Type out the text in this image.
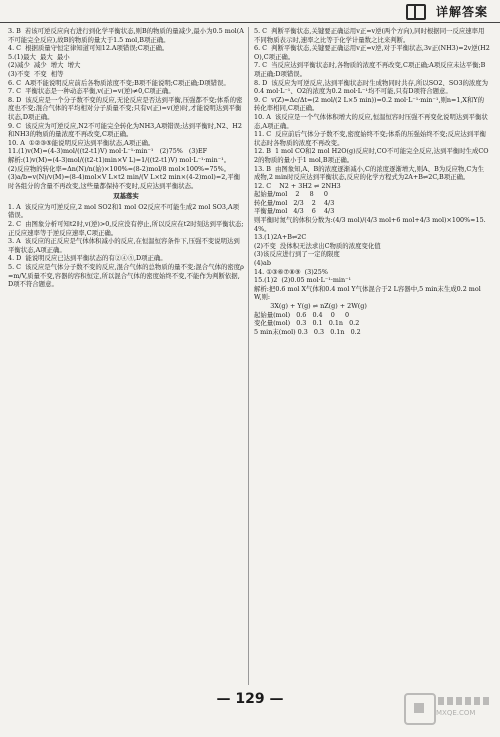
详解答案

3. B  若该可逆反应向右进行到化学平衡状态,则B的物质的量减少,最小为0.5 mol(A不可能完全反应),故B的物质的量大于1.5 mol,B项正确。

4. C  根据质量守恒定律知道可知12.A项错误;C项正确。

5.(1)最大  最大  最小

(2)减少  减少  增大  增大

(3)不变  不变  相等

6. C  A项不能说明反应前后各物质浓度不变;B项不能说明;C项正确;D项错误。

7. C  平衡状态是一种动态平衡,v(正)=v(逆)≠0,C项正确。

8. D  该反应是一个分子数不变的反应,无论反应是否达到平衡,压强都不变;体系的密度也不变;混合气体的平均相对分子质量不变;只有v(正)=v(逆)时,才能说明达到平衡状态,D项正确。

9. C  该反应为可逆反应,N2不可能完全转化为NH3,A项错误;达到平衡时,N2、H2和NH3的物质的量浓度不再改变,C项正确。

10. A  ①②③⑤能说明反应达到平衡状态,A项正确。

11.(1)v(M)=(4-3)mol/((t2-t1)V) mol·L⁻¹·min⁻¹   (2)75%   (3)EF

解析:(1)v(M)=(4-3)mol/((t2-t1)min×V L)=1/((t2-t1)V) mol·L⁻¹·min⁻¹。

(2)反应物的转化率=Δn(N)/n(始)×100%=(8-2)mol/8 mol×100%=75%。

(3)a/b=v(N)/v(M)=(8-4)mol×V L×t2 min/(V L×t2 min×(4-2)mol)=2,平衡时各组分的含量不再改变,这些量都保持不变时,反应达到平衡状态。

双基落实

1. A  该反应为可逆反应,2 mol SO2和1 mol O2反应不可能生成2 mol SO3,A项错误。

2. C  由图象分析可知t2时,v(逆)>0,反应没有停止,所以反应在t2时刻达到平衡状态;正反应速率等于逆反应速率,C项正确。

3. A  该反应的正反应是气体体积减小的反应,在恒温恒容条件下,压强不变说明达到平衡状态,A项正确。

4. D  能说明反应已达到平衡状态的有②④⑤,D项正确。

5. C  该反应是气体分子数不变的反应,混合气体的总物质的量不变;混合气体的密度ρ=m/V,质量不变,容器的容积恒定,所以混合气体的密度始终不变,不能作为判断依据,D项不符合题意。

5. C  判断平衡状态,关键要正确运用v正=v逆(两个方向),同时根据同一反应速率用不同物质表示时,速率之比等于化学计量数之比来判断。

6. C  判断平衡状态,关键要正确运用v正=v逆,对于平衡状态,3v正(NH3)=2v逆(H2O),C项正确。

7. C  当反应达到平衡状态时,各物质的浓度不再改变,C项正确;A项反应未达平衡;B项正确;D项错误。

8. D  该反应为可逆反应,达到平衡状态时生成物同时共存,所以SO2、SO3的浓度为0.4 mol·L⁻¹、O2的浓度为0.2 mol·L⁻¹均不可能,只有D项符合题意。

9. C  v(Z)=Δc/Δt=(2 mol/(2 L×5 min))=0.2 mol·L⁻¹·min⁻¹,则n=1,X和Y的转化率相同,C项正确。

10. A  该反应是一个气体体积增大的反应,恒温恒容时压强不再变化说明达到平衡状态,A项正确。

11. C  反应前后气体分子数不变,密度始终不变;体系的压强始终不变;反应达到平衡状态时各物质的浓度不再改变。

12. B  1 mol CO和2 mol H2O(g)反应时,CO不可能完全反应,达到平衡时生成CO2的物质的量小于1 mol,B项正确。

13. B  由图象知,A、B的浓度逐渐减小,C的浓度逐渐增大,则A、B为反应物,C为生成物,2 min时反应达到平衡状态,反应的化学方程式为2A+B⇌2C,B项正确。

12. C    N2 + 3H2 ⇌ 2NH3

起始量/mol    2     8     0

转化量/mol   2/3    2    4/3

平衡量/mol   4/3    6    4/3

则平衡时氮气的体积分数为:(4/3 mol)/(4/3 mol+6 mol+4/3 mol)×100%≈15.4%。

13.(1)2A+B⇌2C

(2)不变  没体积无法求出C物质的浓度变化值

(3)该反应进行到了一定的限度

(4)ab

14. ①③⑥⑦⑧⑨  (3)25%

15.(1)2  (2)0.05 mol·L⁻¹·min⁻¹

解析:把0.6 mol X气体和0.4 mol Y气体混合于2 L容器中,5 min末生成0.2 mol W,则:

3X(g) + Y(g) ⇌ nZ(g) + 2W(g)

起始量(mol)   0.6   0.4    0     0

变化量(mol)   0.3   0.1   0.1n   0.2

5 min末(mol) 0.3   0.3   0.1n   0.2

— 129 —
MXQE.COM
